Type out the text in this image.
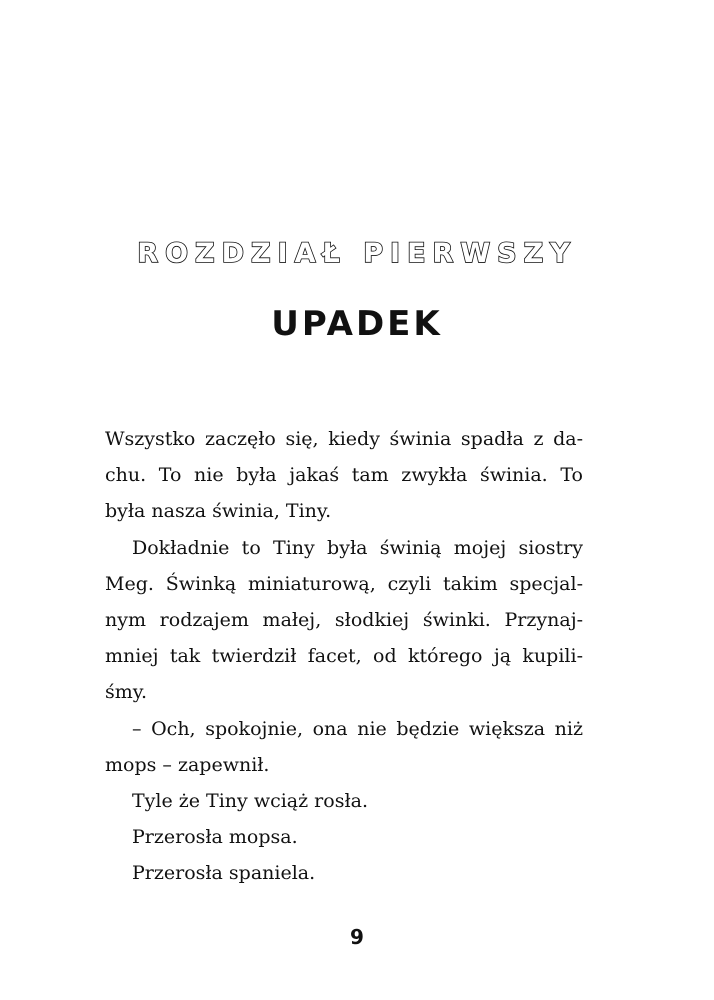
ROZDZIAŁ PIERWSZY
UPADEK
Wszystko zaczęło się, kiedy świnia spadła z da-
chu. To nie była jakaś tam zwykła świnia. To
była nasza świnia, Tiny.
Dokładnie to Tiny była świnią mojej siostry
Meg. Świnką miniaturową, czyli takim specjal-
nym rodzajem małej, słodkiej świnki. Przynaj-
mniej tak twierdził facet, od którego ją kupili-
śmy.
– Och, spokojnie, ona nie będzie większa niż
mops – zapewnił.
Tyle że Tiny wciąż rosła.
Przerosła mopsa.
Przerosła spaniela.
9
